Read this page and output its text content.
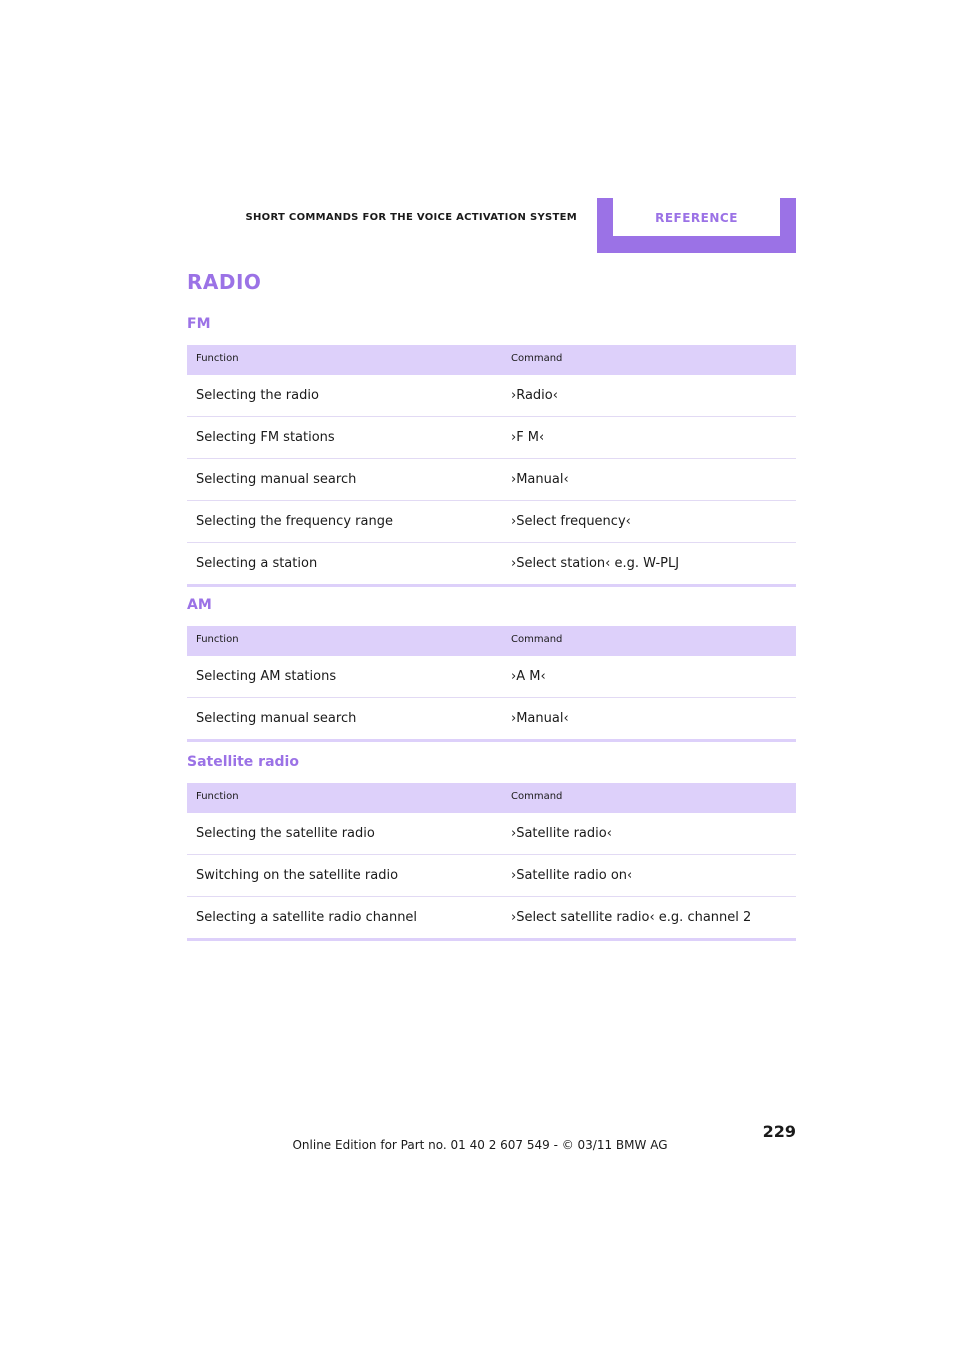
SHORT COMMANDS FOR THE VOICE ACTIVATION SYSTEM	REFERENCE
RADIO
FM
Function	Command
Selecting the radio	›Radio‹
Selecting FM stations	›F M‹
Selecting manual search	›Manual‹
Selecting the frequency range	›Select frequency‹
Selecting a station	›Select station‹ e.g. W-PLJ
AM
Function	Command
Selecting AM stations	›A M‹
Selecting manual search	›Manual‹
Satellite radio
Function	Command
Selecting the satellite radio	›Satellite radio‹
Switching on the satellite radio	›Satellite radio on‹
Selecting a satellite radio channel	›Select satellite radio‹ e.g. channel 2
229
Online Edition for Part no. 01 40 2 607 549 - © 03/11 BMW AG
